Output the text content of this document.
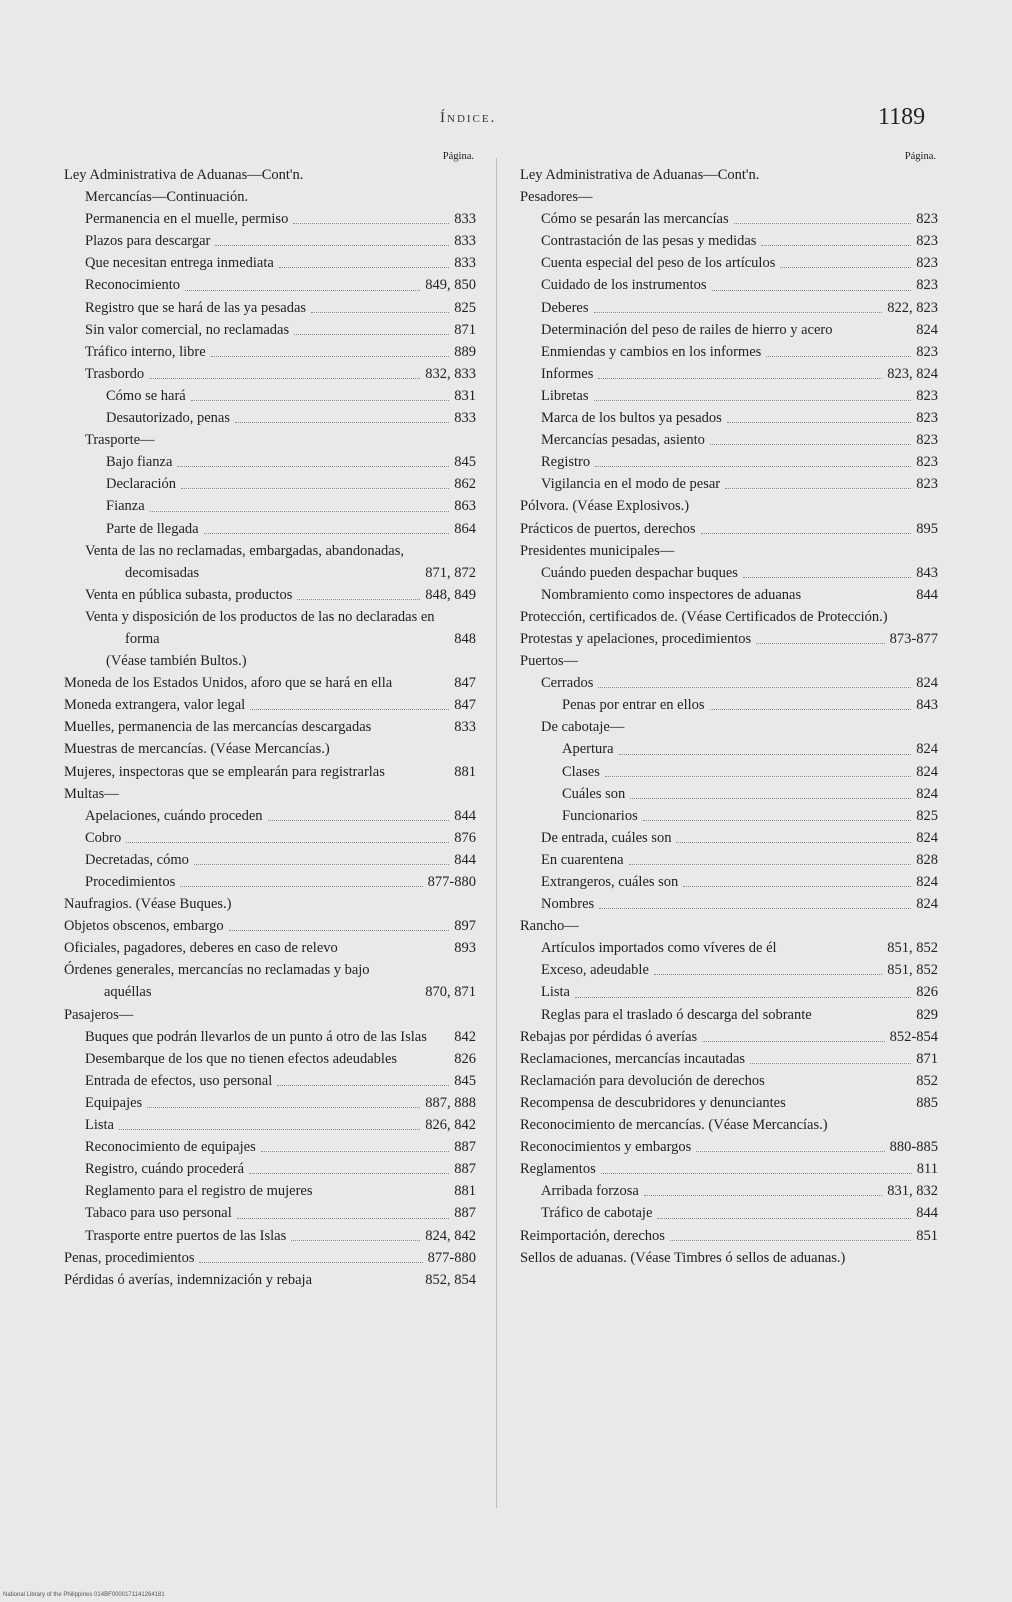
Índice.	1189
Página.
Ley Administrativa de Aduanas—Cont'n.
Mercancías—Continuación.
Permanencia en el muelle, permiso	833
Plazos para descargar	833
Que necesitan entrega inmediata	833
Reconocimiento	849, 850
Registro que se hará de las ya pesadas	825
Sin valor comercial, no reclamadas	871
Tráfico interno, libre	889
Trasbordo	832, 833
Cómo se hará	831
Desautorizado, penas	833
Trasporte—
Bajo fianza	845
Declaración	862
Fianza	863
Parte de llegada	864
Venta de las no reclamadas, embargadas, abandonadas, decomisadas	871, 872
Venta en pública subasta, productos	848, 849
Venta y disposición de los productos de las no declaradas en forma	848
(Véase también Bultos.)
Moneda de los Estados Unidos, aforo que se hará en ella	847
Moneda extrangera, valor legal	847
Muelles, permanencia de las mercancías descargadas	833
Muestras de mercancías. (Véase Mercancías.)
Mujeres, inspectoras que se emplearán para registrarlas	881
Multas—
Apelaciones, cuándo proceden	844
Cobro	876
Decretadas, cómo	844
Procedimientos	877-880
Naufragios. (Véase Buques.)
Objetos obscenos, embargo	897
Oficiales, pagadores, deberes en caso de relevo	893
Órdenes generales, mercancías no reclamadas y bajo aquéllas	870, 871
Pasajeros—
Buques que podrán llevarlos de un punto á otro de las Islas	842
Desembarque de los que no tienen efectos adeudables	826
Entrada de efectos, uso personal	845
Equipajes	887, 888
Lista	826, 842
Reconocimiento de equipajes	887
Registro, cuándo procederá	887
Reglamento para el registro de mujeres	881
Tabaco para uso personal	887
Trasporte entre puertos de las Islas	824, 842
Penas, procedimientos	877-880
Pérdidas ó averías, indemnización y rebaja	852, 854
Página.
Ley Administrativa de Aduanas—Cont'n.
Pesadores—
Cómo se pesarán las mercancías	823
Contrastación de las pesas y medidas	823
Cuenta especial del peso de los artículos	823
Cuidado de los instrumentos	823
Deberes	822, 823
Determinación del peso de railes de hierro y acero	824
Enmiendas y cambios en los informes	823
Informes	823, 824
Libretas	823
Marca de los bultos ya pesados	823
Mercancías pesadas, asiento	823
Registro	823
Vigilancia en el modo de pesar	823
Pólvora. (Véase Explosivos.)
Prácticos de puertos, derechos	895
Presidentes municipales—
Cuándo pueden despachar buques	843
Nombramiento como inspectores de aduanas	844
Protección, certificados de. (Véase Certificados de Protección.)
Protestas y apelaciones, procedimientos	873-877
Puertos—
Cerrados	824
Penas por entrar en ellos	843
De cabotaje—
Apertura	824
Clases	824
Cuáles son	824
Funcionarios	825
De entrada, cuáles son	824
En cuarentena	828
Extrangeros, cuáles son	824
Nombres	824
Rancho—
Artículos importados como víveres de él	851, 852
Exceso, adeudable	851, 852
Lista	826
Reglas para el traslado ó descarga del sobrante	829
Rebajas por pérdidas ó averías	852-854
Reclamaciones, mercancías incautadas	871
Reclamación para devolución de derechos	852
Recompensa de descubridores y denunciantes	885
Reconocimiento de mercancías. (Véase Mercancías.)
Reconocimientos y embargos	880-885
Reglamentos	811
Arribada forzosa	831, 832
Tráfico de cabotaje	844
Reimportación, derechos	851
Sellos de aduanas. (Véase Timbres ó sellos de aduanas.)
National Library of the Philippines 014BF0000171141264181
